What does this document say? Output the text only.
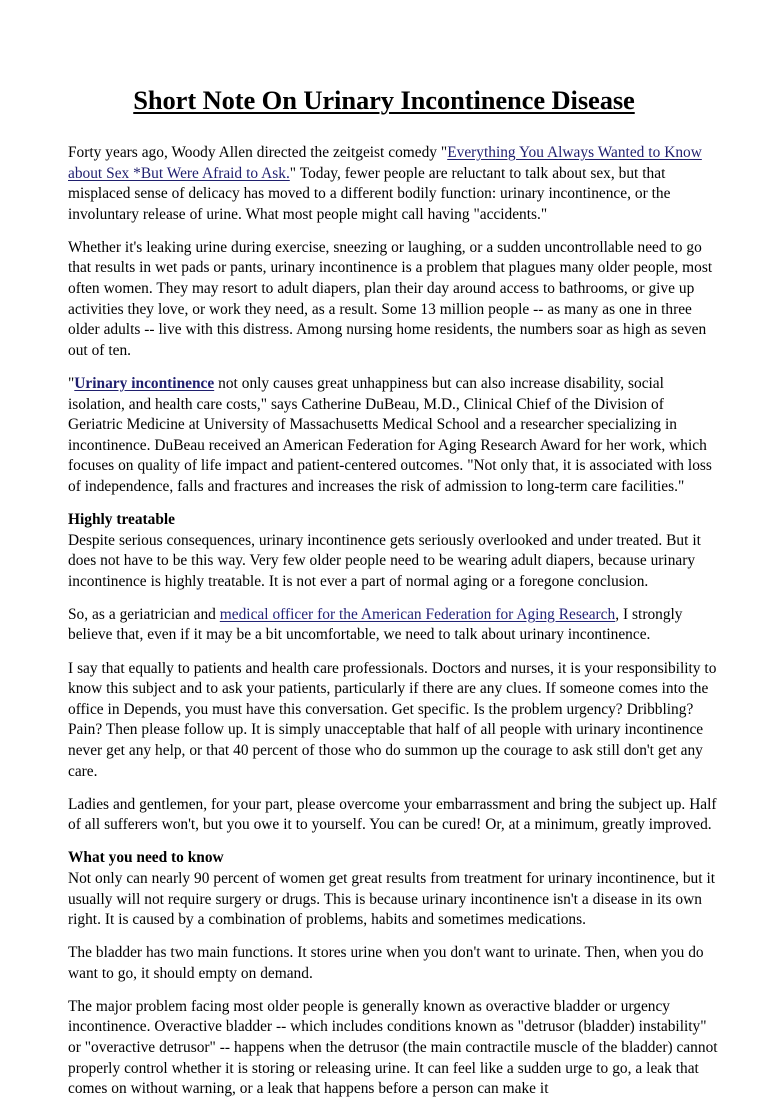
Short Note On Urinary Incontinence Disease

Forty years ago, Woody Allen directed the zeitgeist comedy "Everything You Always Wanted to Know about Sex *But Were Afraid to Ask." Today, fewer people are reluctant to talk about sex, but that misplaced sense of delicacy has moved to a different bodily function: urinary incontinence, or the involuntary release of urine. What most people might call having "accidents."

Whether it's leaking urine during exercise, sneezing or laughing, or a sudden uncontrollable need to go that results in wet pads or pants, urinary incontinence is a problem that plagues many older people, most often women. They may resort to adult diapers, plan their day around access to bathrooms, or give up activities they love, or work they need, as a result. Some 13 million people -- as many as one in three older adults -- live with this distress. Among nursing home residents, the numbers soar as high as seven out of ten.

"Urinary incontinence not only causes great unhappiness but can also increase disability, social isolation, and health care costs," says Catherine DuBeau, M.D., Clinical Chief of the Division of Geriatric Medicine at University of Massachusetts Medical School and a researcher specializing in incontinence. DuBeau received an American Federation for Aging Research Award for her work, which focuses on quality of life impact and patient-centered outcomes. "Not only that, it is associated with loss of independence, falls and fractures and increases the risk of admission to long-term care facilities."

Highly treatable

Despite serious consequences, urinary incontinence gets seriously overlooked and under treated. But it does not have to be this way. Very few older people need to be wearing adult diapers, because urinary incontinence is highly treatable. It is not ever a part of normal aging or a foregone conclusion.

So, as a geriatrician and medical officer for the American Federation for Aging Research, I strongly believe that, even if it may be a bit uncomfortable, we need to talk about urinary incontinence.

I say that equally to patients and health care professionals. Doctors and nurses, it is your responsibility to know this subject and to ask your patients, particularly if there are any clues. If someone comes into the office in Depends, you must have this conversation. Get specific. Is the problem urgency? Dribbling? Pain? Then please follow up. It is simply unacceptable that half of all people with urinary incontinence never get any help, or that 40 percent of those who do summon up the courage to ask still don't get any care.

Ladies and gentlemen, for your part, please overcome your embarrassment and bring the subject up. Half of all sufferers won't, but you owe it to yourself. You can be cured! Or, at a minimum, greatly improved.

What you need to know

Not only can nearly 90 percent of women get great results from treatment for urinary incontinence, but it usually will not require surgery or drugs. This is because urinary incontinence isn't a disease in its own right. It is caused by a combination of problems, habits and sometimes medications.

The bladder has two main functions. It stores urine when you don't want to urinate. Then, when you do want to go, it should empty on demand.

The major problem facing most older people is generally known as overactive bladder or urgency incontinence. Overactive bladder -- which includes conditions known as "detrusor (bladder) instability" or "overactive detrusor" -- happens when the detrusor (the main contractile muscle of the bladder) cannot properly control whether it is storing or releasing urine. It can feel like a sudden urge to go, a leak that comes on without warning, or a leak that happens before a person can make it
